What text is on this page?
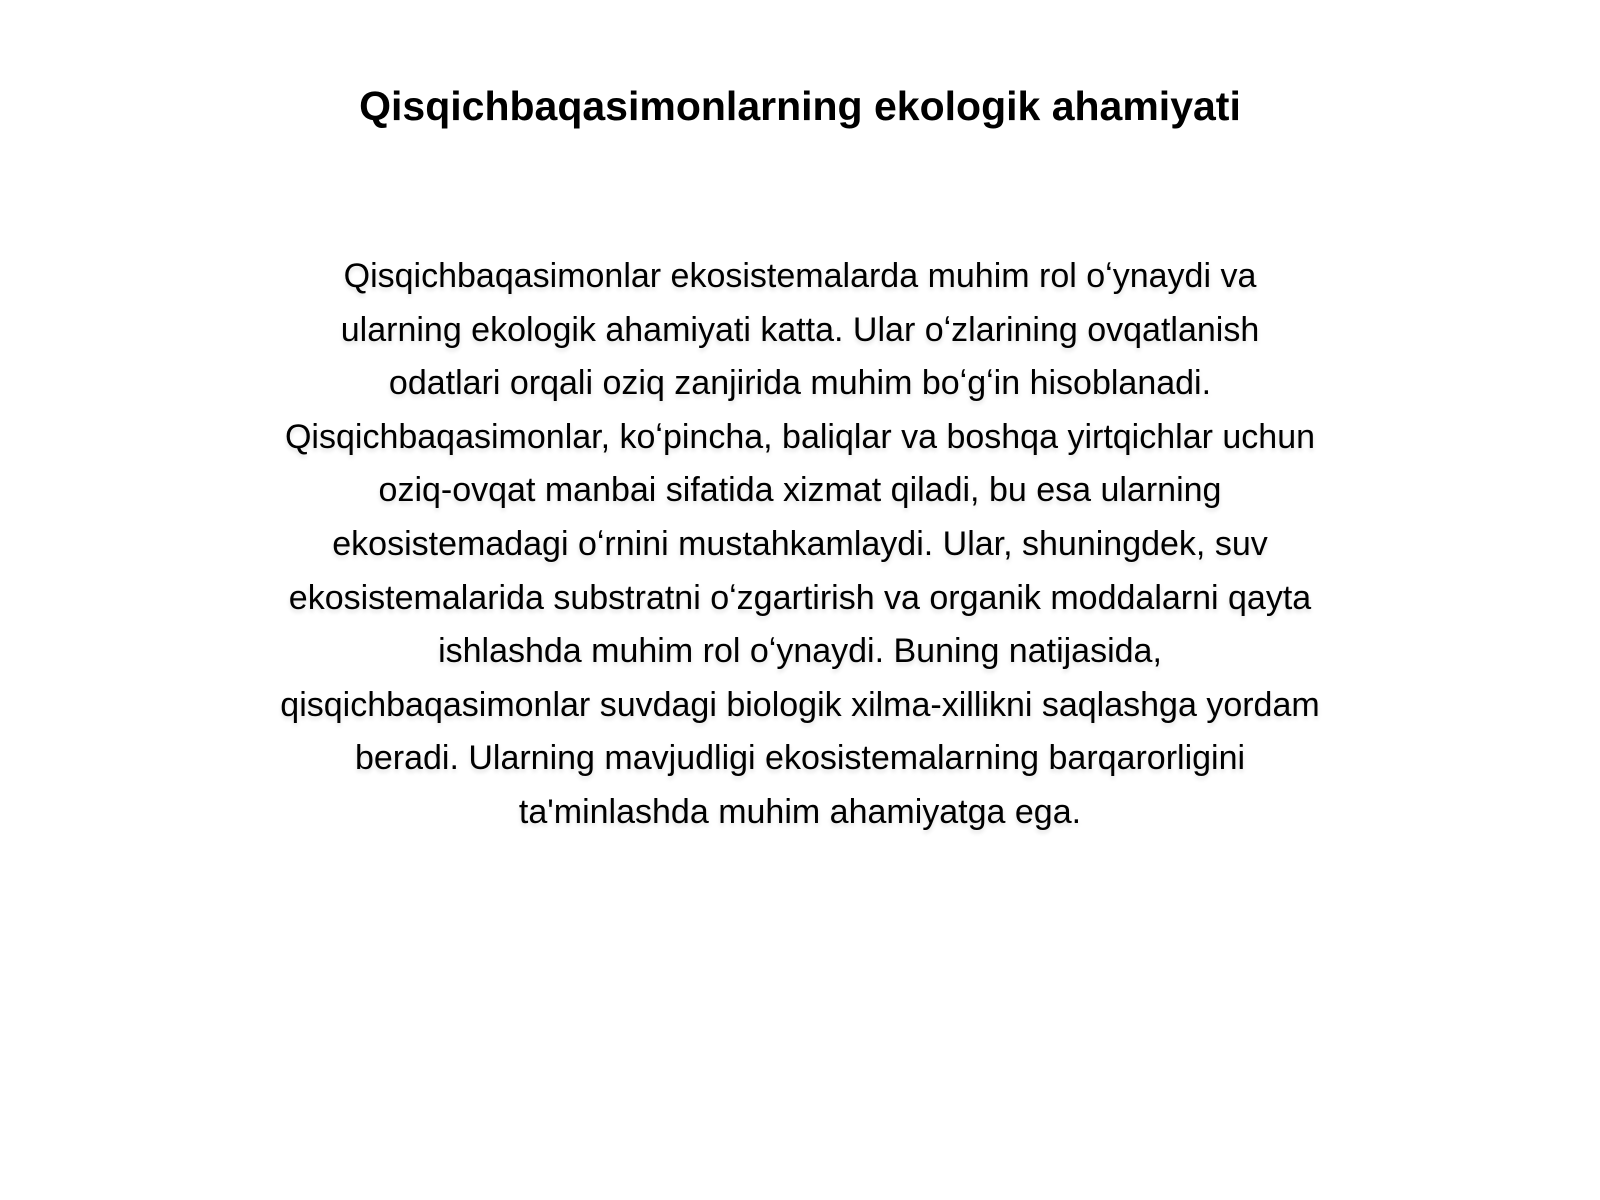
Qisqichbaqasimonlarning ekologik ahamiyati

Qisqichbaqasimonlar ekosistemalarda muhim rol oʻynaydi va
ularning ekologik ahamiyati katta. Ular oʻzlarining ovqatlanish
odatlari orqali oziq zanjirida muhim boʻgʻin hisoblanadi.
Qisqichbaqasimonlar, koʻpincha, baliqlar va boshqa yirtqichlar uchun
oziq-ovqat manbai sifatida xizmat qiladi, bu esa ularning
ekosistemadagi oʻrnini mustahkamlaydi. Ular, shuningdek, suv
ekosistemalarida substratni oʻzgartirish va organik moddalarni qayta
ishlashda muhim rol oʻynaydi. Buning natijasida,
qisqichbaqasimonlar suvdagi biologik xilma-xillikni saqlashga yordam
beradi. Ularning mavjudligi ekosistemalarning barqarorligini
ta'minlashda muhim ahamiyatga ega.
